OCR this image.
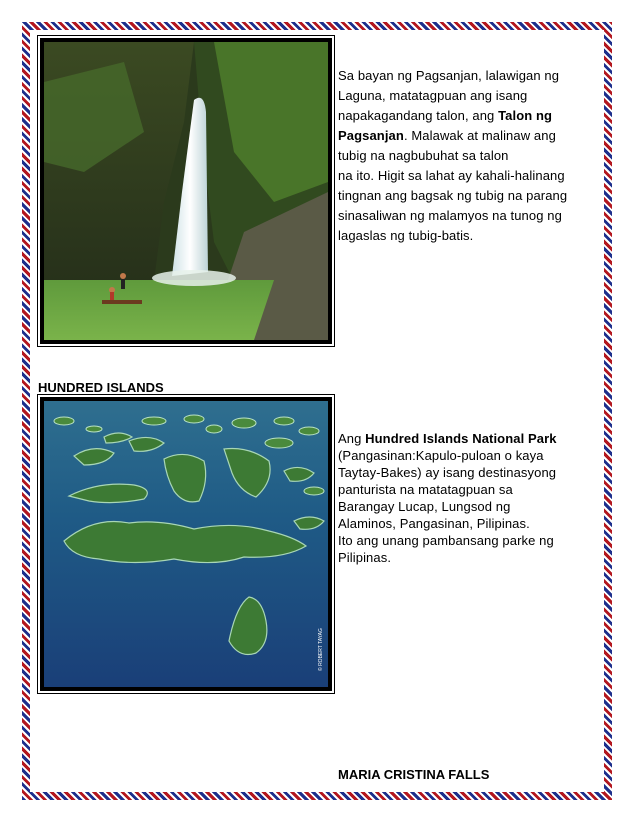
Sa bayan ng Pagsanjan, lalawigan ng
Laguna, matatagpuan ang isang
napakagandang talon, ang Talon ng
Pagsanjan. Malawak at malinaw ang
tubig na nagbubuhat sa talon
na ito. Higit sa lahat ay kahali-halinang
tingnan ang bagsak ng tubig na parang
sinasaliwan ng malamyos na tunog ng
lagaslas ng tubig-batis.
HUNDRED ISLANDS
© ROBERT TAYAG
Ang Hundred Islands National Park
(Pangasinan:Kapulo-puloan o kaya
Taytay-Bakes) ay isang destinasyong
panturista na matatagpuan sa
Barangay Lucap, Lungsod ng
Alaminos, Pangasinan, Pilipinas.
Ito ang unang pambansang parke ng
Pilipinas.
MARIA CRISTINA FALLS
